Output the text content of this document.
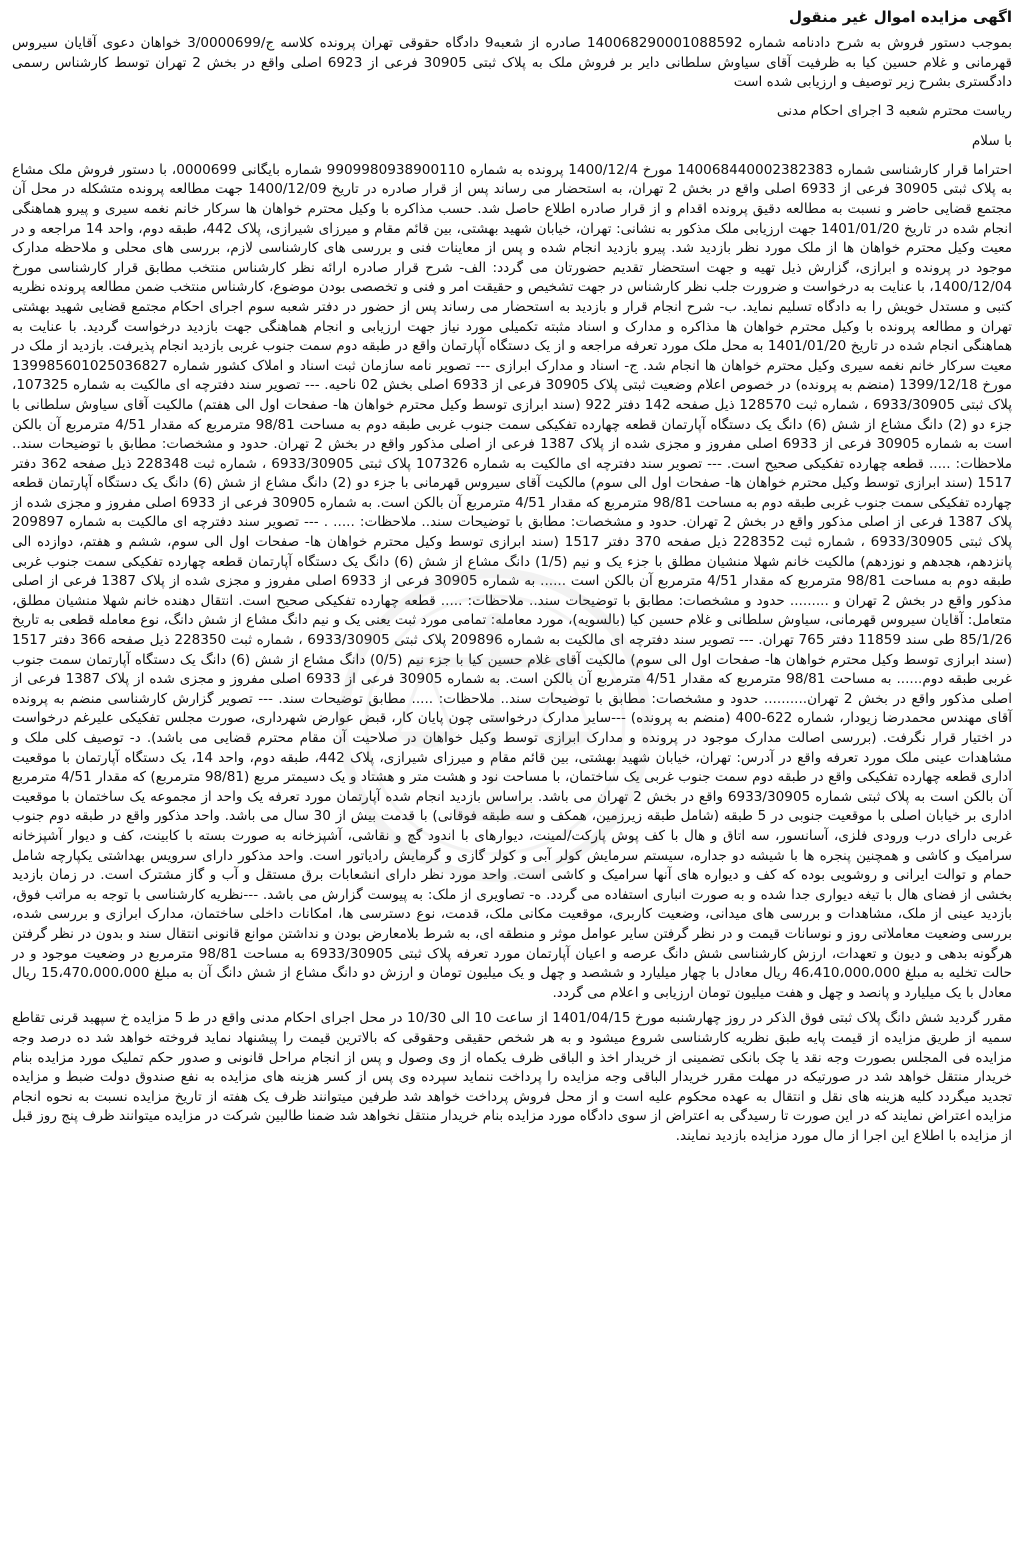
اگهی مزایده اموال غیر منقول

بموجب دستور فروش به شرح دادنامه شماره 140068290001088592 صادره از شعبه9 دادگاه حقوقی تهران پرونده کلاسه ج/3/0000699 خواهان دعوی آقایان سیروس قهرمانی و غلام حسین کیا به ظرفیت آقای سیاوش سلطانی دایر بر فروش ملک به پلاک ثبتی 30905 فرعی از 6923 اصلی واقع در بخش 2 تهران توسط کارشناس رسمی دادگستری بشرح زیر توصیف و ارزیابی شده است

ریاست محترم شعبه 3 اجرای احکام مدنی
با سلام

احتراما قرار کارشناسی شماره 140068440002382383 مورخ 1400/12/4 پرونده به شماره 9909980938900110 شماره بایگانی 0000699، با دستور فروش ملک مشاع به پلاک ثبتی 30905 فرعی از 6933 اصلی واقع در بخش 2 تهران، به استحضار می رساند پس از قرار صادره در تاریخ 1400/12/09 جهت مطالعه پرونده متشکله در محل آن مجتمع قضایی حاضر و نسبت به مطالعه دقیق پرونده اقدام و از قرار صادره اطلاع حاصل شد. حسب مذاکره با وکیل محترم خواهان ها سرکار خانم نغمه سیری و پیرو هماهنگی انجام شده در تاریخ 1401/01/20 جهت ارزیابی ملک مذکور به نشانی: تهران، خیابان شهید بهشتی، بین قائم مقام و میرزای شیرازی، پلاک 442، طبقه دوم، واحد 14 مراجعه و در معیت وکیل محترم خواهان ها از ملک مورد نظر بازدید شد. پیرو بازدید انجام شده و پس از معاینات فنی و بررسی های کارشناسی لازم، بررسی های محلی و ملاحظه مدارک موجود در پرونده و ابرازی، گزارش ذیل تهیه و جهت استحضار تقدیم حضورتان می گردد: الف- شرح قرار صادره ارائه نظر کارشناس منتخب مطابق قرار کارشناسی مورخ 1400/12/04، با عنایت به درخواست و ضرورت جلب نظر کارشناس در جهت تشخیص و حقیقت امر و فنی و تخصصی بودن موضوع، کارشناس منتخب ضمن مطالعه پرونده نظریه کتبی و مستدل خویش را به دادگاه تسلیم نماید. ب- شرح انجام قرار و بازدید به استحضار می رساند پس از حضور در دفتر شعبه سوم اجرای احکام مجتمع قضایی شهید بهشتی تهران و مطالعه پرونده با وکیل محترم خواهان ها مذاکره و مدارک و اسناد مثبته تکمیلی مورد نیاز جهت ارزیابی و انجام هماهنگی جهت بازدید درخواست گردید. با عنایت به هماهنگی انجام شده در تاریخ 1401/01/20 به محل ملک مورد تعرفه مراجعه و از یک دستگاه آپارتمان واقع در طبقه دوم سمت جنوب غربی بازدید انجام پذیرفت. بازدید از ملک در معیت سرکار خانم نغمه سیری وکیل محترم خواهان ها انجام شد. ج- اسناد و مدارک ابرازی --- تصویر نامه سازمان ثبت اسناد و املاک کشور شماره 139985601025036827 مورخ 1399/12/18 (منضم به پرونده) در خصوص اعلام وضعیت ثبتی پلاک 30905 فرعی از 6933 اصلی بخش 02 ناحیه. --- تصویر سند دفترچه ای مالکیت به شماره 107325، پلاک ثبتی 6933/30905 ، شماره ثبت 128570 ذیل صفحه 142 دفتر 922 (سند ابرازی توسط وکیل محترم خواهان ها- صفحات اول الی هفتم) مالکیت آقای سیاوش سلطانی با جزء دو (2) دانگ مشاع از شش (6) دانگ یک دستگاه آپارتمان قطعه چهارده تفکیکی سمت جنوب غربی طبقه دوم به مساحت 98/81 مترمربع که مقدار 4/51 مترمربع آن بالکن است به شماره 30905 فرعی از 6933 اصلی مفروز و مجزی شده از پلاک 1387 فرعی از اصلی مذکور واقع در بخش 2 تهران. حدود و مشخصات: مطابق با توضیحات سند.. ملاحظات: ..... قطعه چهارده تفکیکی صحیح است. --- تصویر سند دفترچه ای مالکیت به شماره 107326 پلاک ثبتی 6933/30905 ، شماره ثبت 228348 ذیل صفحه 362 دفتر 1517 (سند ابرازی توسط وکیل محترم خواهان ها- صفحات اول الی سوم) مالکیت آقای سیروس قهرمانی با جزء دو (2) دانگ مشاع از شش (6) دانگ یک دستگاه آپارتمان قطعه چهارده تفکیکی سمت جنوب غربی طبقه دوم به مساحت 98/81 مترمربع که مقدار 4/51 مترمربع آن بالکن است. به شماره 30905 فرعی از 6933 اصلی مفروز و مجزی شده از پلاک 1387 فرعی از اصلی مذکور واقع در بخش 2 تهران. حدود و مشخصات: مطابق با توضیحات سند.. ملاحظات: ..... . --- تصویر سند دفترچه ای مالکیت به شماره 209897 پلاک ثبتی 6933/30905 ، شماره ثبت 228352 ذیل صفحه 370 دفتر 1517 (سند ابرازی توسط وکیل محترم خواهان ها- صفحات اول الی سوم، ششم و هفتم، دوازده الی پانزدهم، هجدهم و نوزدهم) مالکیت خانم شهلا منشیان مطلق با جزء یک و نیم (1/5) دانگ مشاع از شش (6) دانگ یک دستگاه آپارتمان قطعه چهارده تفکیکی سمت جنوب غربی طبقه دوم به مساحت 98/81 مترمربع که مقدار 4/51 مترمربع آن بالکن است ...... به شماره 30905 فرعی از 6933 اصلی مفروز و مجزی شده از پلاک 1387 فرعی از اصلی مذکور واقع در بخش 2 تهران و ......... حدود و مشخصات: مطابق با توضیحات سند.. ملاحظات: ..... قطعه چهارده تفکیکی صحیح است. انتقال دهنده خانم شهلا منشیان مطلق، متعامل: آقایان سیروس قهرمانی، سیاوش سلطانی و غلام حسین کیا (بالسویه)، مورد معامله: تمامی مورد ثبت یعنی یک و نیم دانگ مشاع از شش دانگ، نوع معامله قطعی به تاریخ 85/1/26 طی سند 11859 دفتر 765 تهران. --- تصویر سند دفترچه ای مالکیت به شماره 209896 پلاک ثبتی 6933/30905 ، شماره ثبت 228350 ذیل صفحه 366 دفتر 1517 (سند ابرازی توسط وکیل محترم خواهان ها- صفحات اول الی سوم) مالکیت آقای غلام حسین کیا با جزء نیم (0/5) دانگ مشاع از شش (6) دانگ یک دستگاه آپارتمان سمت جنوب غربی طبقه دوم...... به مساحت 98/81 مترمربع که مقدار 4/51 مترمربع آن بالکن است. به شماره 30905 فرعی از 6933 اصلی مفروز و مجزی شده از پلاک 1387 فرعی از اصلی مذکور واقع در بخش 2 تهران.......... حدود و مشخصات: مطابق با توضیحات سند.. ملاحظات: ..... مطابق توضیحات سند. --- تصویر گزارش کارشناسی منضم به پرونده آقای مهندس محمدرضا زیودار، شماره 622-400 (منضم به پرونده) ---سایر مدارک درخواستی چون پایان کار، قبض عوارض شهرداری، صورت مجلس تفکیکی علیرغم درخواست در اختیار قرار نگرفت. (بررسی اصالت مدارک موجود در پرونده و مدارک ابرازی توسط وکیل خواهان در صلاحیت آن مقام محترم قضایی می باشد). د- توصیف کلی ملک و مشاهدات عینی ملک مورد تعرفه واقع در آدرس: تهران، خیابان شهید بهشتی، بین قائم مقام و میرزای شیرازی، پلاک 442، طبقه دوم، واحد 14، یک دستگاه آپارتمان با موقعیت اداری قطعه چهارده تفکیکی واقع در طبقه دوم سمت جنوب غربی یک ساختمان، با مساحت نود و هشت متر و هشتاد و یک دسیمتر مربع (98/81 مترمربع) که مقدار 4/51 مترمربع آن بالکن است به پلاک ثبتی شماره 6933/30905 واقع در بخش 2 تهران می باشد. براساس بازدید انجام شده آپارتمان مورد تعرفه یک واحد از مجموعه یک ساختمان با موقعیت اداری بر خیابان اصلی با موقعیت جنوبی در 5 طبقه (شامل طبقه زیرزمین، همکف و سه طبقه فوقانی) با قدمت بیش از 30 سال می باشد. واحد مذکور واقع در طبقه دوم جنوب غربی دارای درب ورودی فلزی، آسانسور، سه اتاق و هال با کف پوش پارکت/لمینت، دیوارهای با اندود گچ و نقاشی، آشپزخانه به صورت بسته با کابینت، کف و دیوار آشپزخانه سرامیک و کاشی و همچنین پنجره ها با شیشه دو جداره، سیستم سرمایش کولر آبی و کولر گازی و گرمایش رادیاتور است. واحد مذکور دارای سرویس بهداشتی یکپارچه شامل حمام و توالت ایرانی و روشویی بوده که کف و دیواره های آنها سرامیک و کاشی است. واحد مورد نظر دارای انشعابات برق مستقل و آب و گاز مشترک است. در زمان بازدید بخشی از فضای هال با تیغه دیواری جدا شده و به صورت انباری استفاده می گردد. ه- تصاویری از ملک: به پیوست گزارش می باشد. ---نظریه کارشناسی با توجه به مراتب فوق، بازدید عینی از ملک، مشاهدات و بررسی های میدانی، وضعیت کاربری، موقعیت مکانی ملک، قدمت، نوع دسترسی ها، امکانات داخلی ساختمان، مدارک ابرازی و بررسی شده، بررسی وضعیت معاملاتی روز و نوسانات قیمت و در نظر گرفتن سایر عوامل موثر و منطقه ای، به شرط بلامعارض بودن و نداشتن موانع قانونی انتقال سند و بدون در نظر گرفتن هرگونه بدهی و دیون و تعهدات، ارزش کارشناسی شش دانگ عرصه و اعیان آپارتمان مورد تعرفه پلاک ثبتی 6933/30905 به مساحت 98/81 مترمربع در وضعیت موجود و در حالت تخلیه به مبلغ 46،410،000،000 ریال معادل با چهار میلیارد و ششصد و چهل و یک میلیون تومان و ارزش دو دانگ مشاع از شش دانگ آن به مبلغ 15،470،000،000 ریال معادل با یک میلیارد و پانصد و چهل و هفت میلیون تومان ارزیابی و اعلام می گردد.

مقرر گردید شش دانگ پلاک ثبتی فوق الذکر در روز چهارشنبه مورخ 1401/04/15 از ساعت 10 الی 10/30 در محل اجرای احکام مدنی واقع در ط 5 مزایده خ سپهبد قرنی تقاطع سمیه از طریق مزایده از قیمت پایه طبق نظریه کارشناسی شروع میشود و به هر شخص حقیقی وحقوقی که بالاترین قیمت را پیشنهاد نماید فروخته خواهد شد ده درصد وجه مزایده فی المجلس بصورت وجه نقد یا چک بانکی تضمینی از خریدار اخذ و الباقی ظرف یکماه از وی وصول و پس از انجام مراحل قانونی و صدور حکم تملیک مورد مزایده بنام خریدار منتقل خواهد شد در صورتیکه در مهلت مقرر خریدار الباقی وجه مزایده را پرداخت ننماید سپرده وی پس از کسر هزینه های مزایده به نفع صندوق دولت ضبط و مزایده تجدید میگردد کلیه هزینه های نقل و انتقال به عهده محکوم علیه است و از محل فروش پرداخت خواهد شد طرفین میتوانند ظرف یک هفته از تاریخ مزایده نسبت به نحوه انجام مزایده اعتراض نمایند که در این صورت تا رسیدگی به اعتراض از سوی دادگاه مورد مزایده بنام خریدار منتقل نخواهد شد ضمنا طالبین شرکت در مزایده میتوانند ظرف پنج روز قبل از مزایده با اطلاع این اجرا از مال مورد مزایده بازدید نمایند.
